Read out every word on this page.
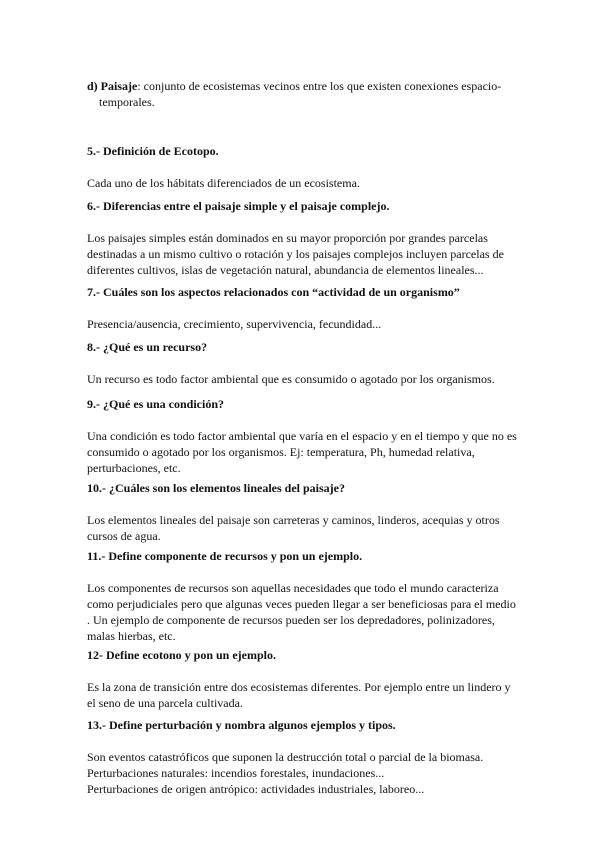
d) Paisaje: conjunto de ecosistemas vecinos entre los que existen conexiones espacio-temporales.

5.- Definición de Ecotopo.

Cada uno de los hábitats diferenciados de un ecosistema.

6.- Diferencias entre el paisaje simple y el paisaje complejo.

Los paisajes simples están dominados en su mayor proporción por grandes parcelas
destinadas a un mismo cultivo o rotación y los paisajes complejos incluyen parcelas de
diferentes cultivos, islas de vegetación natural, abundancia de elementos lineales...

7.- Cuáles son los aspectos relacionados con “actividad de un organismo”

Presencia/ausencia, crecimiento, supervivencia, fecundidad...

8.- ¿Qué es un recurso?

Un recurso es todo factor ambiental que es consumido o agotado por los organismos.

9.- ¿Qué es una condición?

Una condición es todo factor ambiental que varía en el espacio y en el tiempo y que no es
consumido o agotado por los organismos. Ej: temperatura, Ph, humedad relativa,
perturbaciones, etc.

10.- ¿Cuáles son los elementos lineales del paisaje?

Los elementos lineales del paisaje son carreteras y caminos, linderos, acequias y otros
cursos de agua.

11.- Define componente de recursos y pon un ejemplo.

Los componentes de recursos son aquellas necesidades que todo el mundo caracteriza
como perjudiciales pero que algunas veces pueden llegar a ser beneficiosas para el medio
. Un ejemplo de componente de recursos pueden ser los depredadores, polinizadores,
malas hierbas, etc.

12- Define ecotono y pon un ejemplo.

Es la zona de transición entre dos ecosistemas diferentes. Por ejemplo entre un lindero y
el seno de una parcela cultivada.

13.- Define perturbación y nombra algunos ejemplos y tipos.

Son eventos catastróficos que suponen la destrucción total o parcial de la biomasa.
Perturbaciones naturales: incendios forestales, inundaciones...
Perturbaciones de origen antrópico: actividades industriales, laboreo...
